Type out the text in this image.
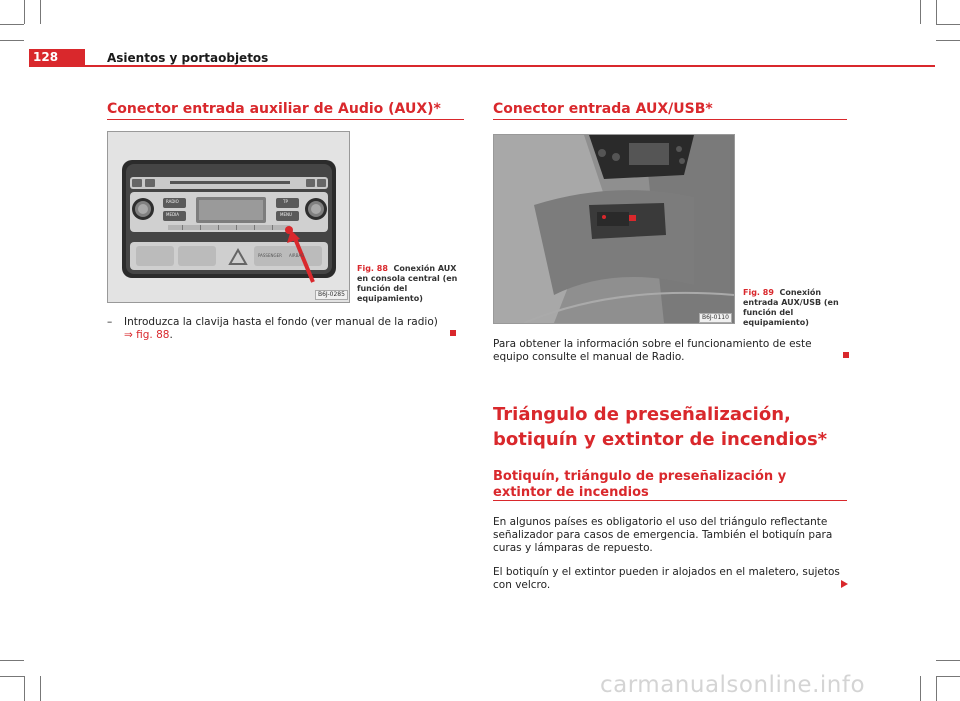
128	Asientos y portaobjetos
Conector entrada auxiliar de Audio (AUX)*
RADIO
MEDIA
TP
MENU
PASSENGER AIRBAG
B6J-0285
Fig. 88 Conexión AUX en consola central (en función del equipamiento)
– Introduzca la clavija hasta el fondo (ver manual de la radio)
⇒ fig. 88.
Conector entrada AUX/USB*
B6J-0110
Fig. 89 Conexión entrada AUX/USB (en función del equipamiento)
Para obtener la información sobre el funcionamiento de este equipo consulte el manual de Radio.
Triángulo de preseñalización, botiquín y extintor de incendios*
Botiquín, triángulo de preseñalización y extintor de incendios
En algunos países es obligatorio el uso del triángulo reflectante señalizador para casos de emergencia. También el botiquín para curas y lámparas de repuesto.
El botiquín y el extintor pueden ir alojados en el maletero, sujetos con velcro.
carmanualsonline.info
